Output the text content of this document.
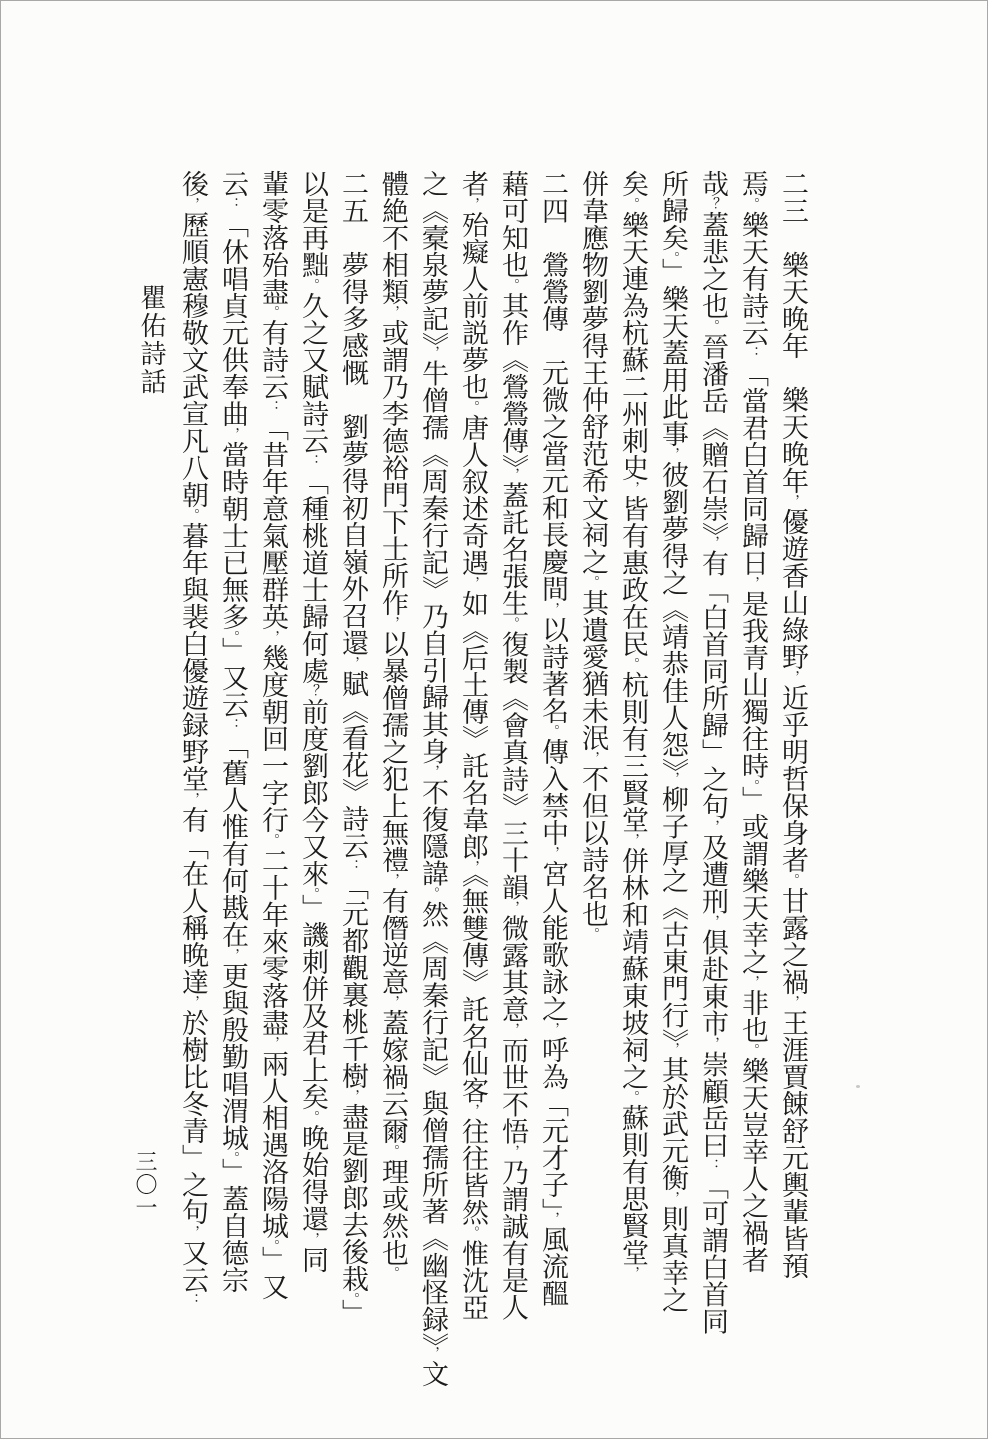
二三　樂天晚年　樂天晚年，優遊香山綠野，近乎明哲保身者。甘露之禍，王涯賈餗舒元輿輩皆預
焉。樂天有詩云：「當君白首同歸日，是我青山獨往時。」或謂樂天幸之，非也。樂天豈幸人之禍者
哉？蓋悲之也。晉潘岳《贈石崇》，有「白首同所歸」之句，及遭刑，俱赴東市，崇顧岳曰：「可謂白首同
所歸矣。」樂天蓋用此事，彼劉夢得之《靖恭佳人怨》，柳子厚之《古東門行》，其於武元衡，則真幸之
矣。樂天連為杭蘇二州刺史，皆有惠政在民。杭則有三賢堂，併林和靖蘇東坡祠之。蘇則有思賢堂，
併韋應物劉夢得王仲舒范希文祠之。其遺愛猶未泯，不但以詩名也。
二四　鶯鶯傳　元微之當元和長慶間，以詩著名。傳入禁中，宮人能歌詠之，呼為「元才子」，風流醞
藉可知也。其作《鶯鶯傳》，蓋託名張生。復製《會真詩》三十韻，微露其意，而世不悟，乃謂誠有是人
者，殆癡人前説夢也。唐人叙述奇遇，如《后土傳》託名韋郎，《無雙傳》託名仙客，往往皆然。惟沈亞
之《槖泉夢記》，牛僧孺《周秦行記》乃自引歸其身，不復隱諱。然《周秦行記》與僧孺所著《幽怪録》，文
體絶不相類，或謂乃李德裕門下士所作，以暴僧孺之犯上無禮，有僭逆意，蓋嫁禍云爾。理或然也。
二五　夢得多感慨　劉夢得初自嶺外召還，賦《看花》詩云：「元都觀裏桃千樹，盡是劉郎去後栽。」
以是再黜。久之又賦詩云：「種桃道士歸何處？前度劉郎今又來。」譏刺併及君上矣。晚始得還，同
輩零落殆盡。有詩云：「昔年意氣壓群英，幾度朝回一字行。二十年來零落盡，兩人相遇洛陽城。」又
云：「休唱貞元供奉曲，當時朝士已無多。」又云：「舊人惟有何戡在，更與殷勤唱渭城。」蓋自德宗
後，歷順憲穆敬文武宣凡八朝。暮年與裴白優遊録野堂，有「在人稱晚達，於樹比冬青」之句，又云：
瞿佑詩話
三〇一
